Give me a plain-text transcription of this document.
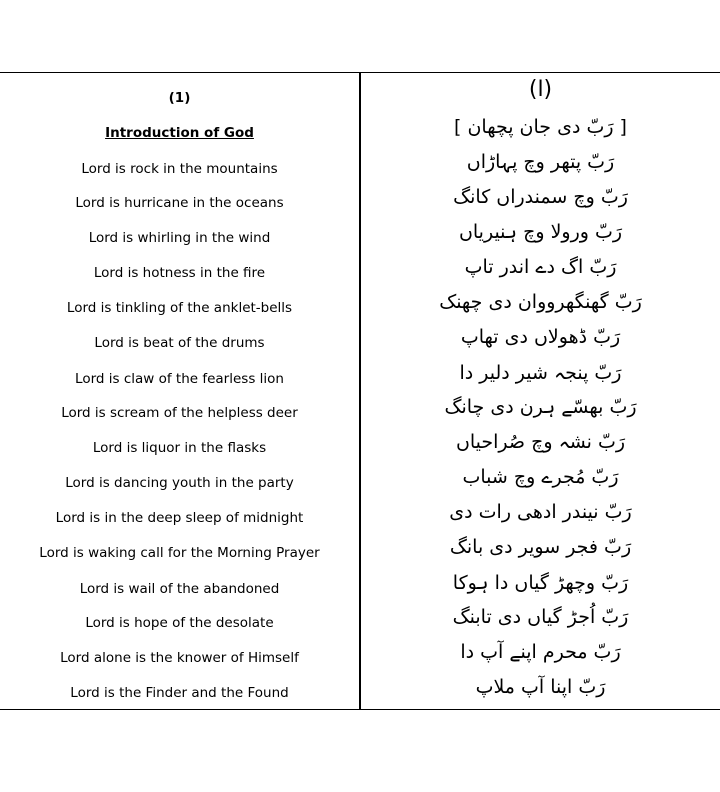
(1)
Introduction of God
Lord is rock in the mountains
Lord is hurricane in the oceans
Lord is whirling in the wind
Lord is hotness in the fire
Lord is tinkling of the anklet-bells
Lord is beat of the drums
Lord is claw of the fearless lion
Lord is scream of the helpless deer
Lord is liquor in the flasks
Lord is dancing youth in the party
Lord is in the deep sleep of midnight
Lord is waking call for the Morning Prayer
Lord is wail of the abandoned
Lord is hope of the desolate
Lord alone is the knower of Himself
Lord is the Finder and the Found
(ا)
[ رَبّ دی جان پچھان ]
رَبّ پتھر وچ پہاڑاں
رَبّ وچ سمندراں کانگ
رَبّ ورولا وچ ہنیریاں
رَبّ اگ دے اندر تاپ
رَبّ گھنگھرووان دی چھنک
رَبّ ڈھولاں دی تھاپ
رَبّ پنجہ شیر دلیر دا
رَبّ بھسّے ہرن دی چانگ
رَبّ نشہ وچ صُراحیاں
رَبّ مُجرے وچ شباب
رَبّ نیندر ادھی رات دی
رَبّ فجر سویر دی بانگ
رَبّ وچھڑ گیاں دا ہوکا
رَبّ اُجڑ گیاں دی تابنگ
رَبّ محرم اپنے آپ دا
رَبّ اپنا آپ ملاپ
